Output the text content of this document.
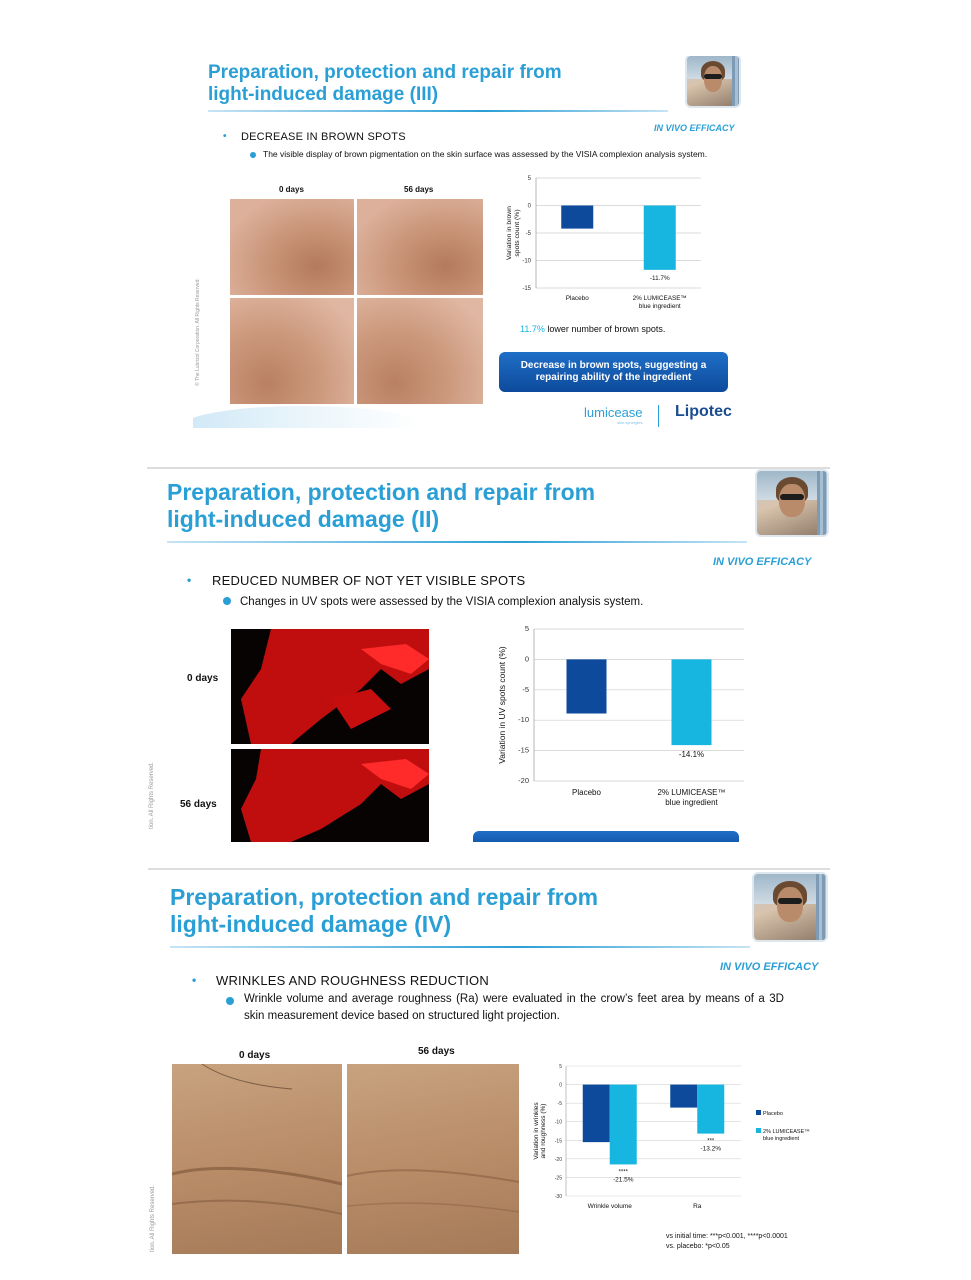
Preparation, protection and repair from
light-induced damage (III)
IN VIVO EFFICACY
• DECREASE IN BROWN SPOTS
The visible display of brown pigmentation on the skin surface was assessed by the VISIA complexion analysis system.
0 days	56 days
5
0
-5
-10
-15
Variation in brownspots count (%)
Placebo
-11.7%
2% LUMICEASE™
blue ingredient
11.7% lower number of brown spots.
Decrease in brown spots, suggesting a repairing ability of the ingredient
lumicease
skin synergies
Lipotec
© The Lubrizol Corporation. All Rights Reserved.
Preparation, protection and repair from
light-induced damage (II)
IN VIVO EFFICACY
• REDUCED NUMBER OF NOT YET VISIBLE SPOTS
Changes in UV spots were assessed by the VISIA complexion analysis system.
0 days
56 days
5
0
-5
-10
-15
-20
Variation in UV spots count (%)
Placebo
-14.1%
2% LUMICEASE™
blue ingredient
tion. All Rights Reserved.
Preparation, protection and repair from
light-induced damage (IV)
IN VIVO EFFICACY
• WRINKLES AND ROUGHNESS REDUCTION
Wrinkle volume and average roughness (Ra) were evaluated in the crow’s feet area by means of a 3D skin measurement device based on structured light projection.
0 days	56 days
5
0
-5
-10
-15
-20
-25
-30
Variation in wrinklesand roughness (%)
****
-21.5%
Wrinkle volume
***
-13.2%
Ra
Placebo
2% LUMICEASE™ blue ingredient
vs initial time: ***p<0.001, ****p<0.0001
vs. placebo: *p<0.05
tion. All Rights Reserved.
